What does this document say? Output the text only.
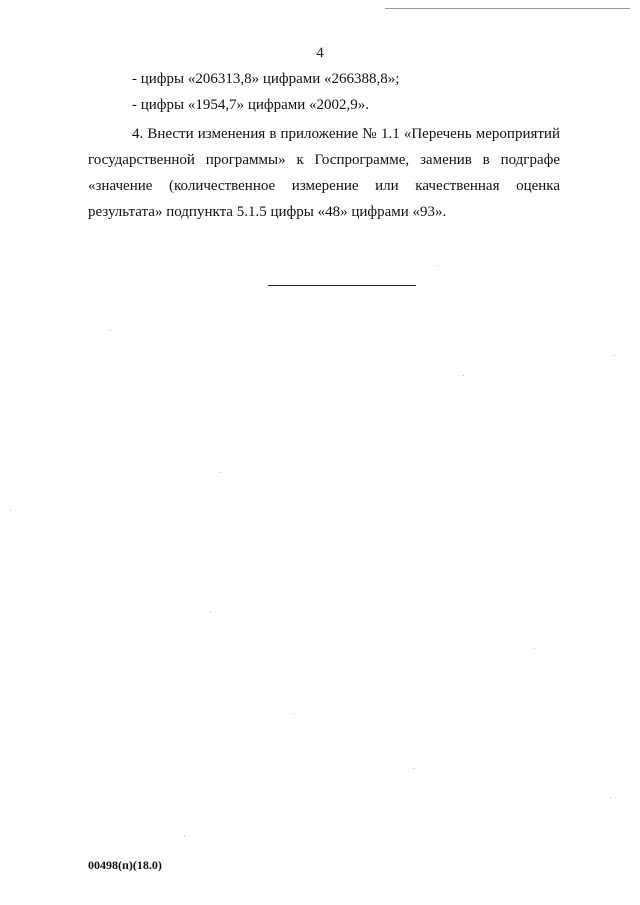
4
- цифры «206313,8» цифрами «266388,8»;
- цифры «1954,7» цифрами «2002,9».
4. Внести изменения в приложение № 1.1 «Перечень мероприятий государственной программы» к Госпрограмме, заменив в подграфе «значение (количественное измерение или качественная оценка результата» подпункта 5.1.5 цифры «48» цифрами «93».
00498(п)(18.0)
